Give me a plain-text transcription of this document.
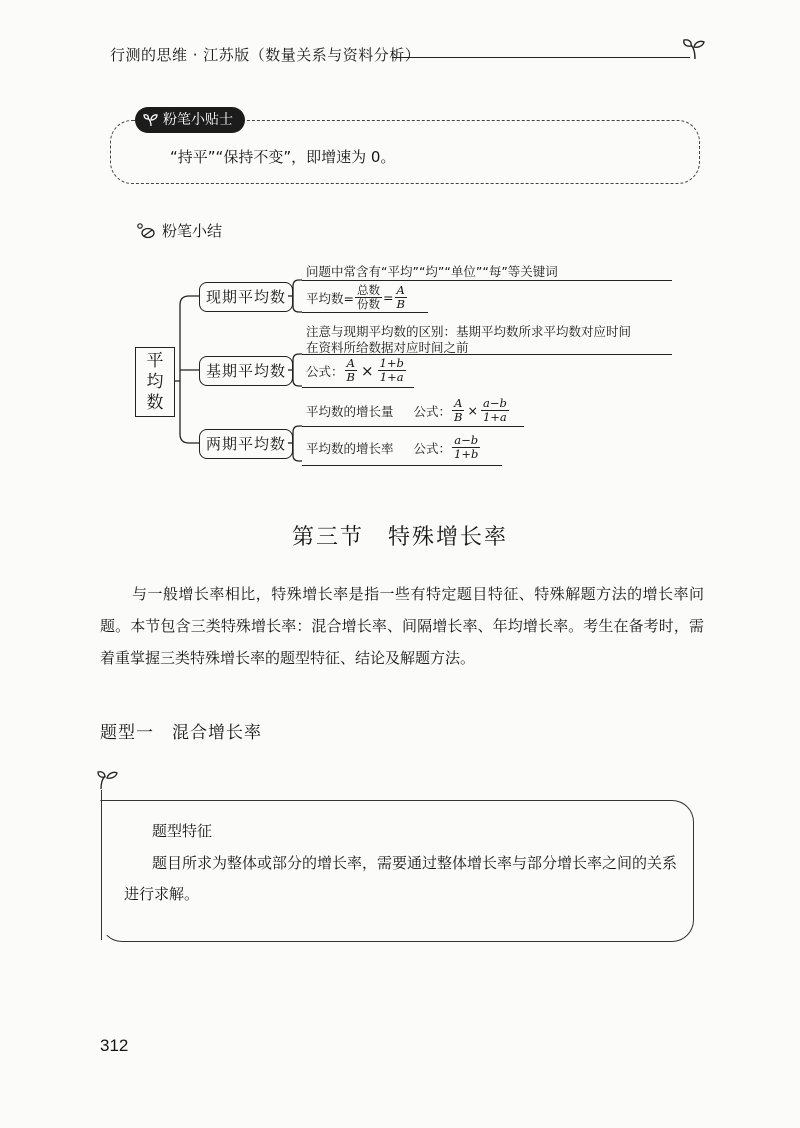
行测的思维 · 江苏版（数量关系与资料分析）
粉笔小贴士
“持平”“保持不变”，即增速为 0。
粉笔小结
平
均
数
现期平均数
问题中常含有“平均”“均”“单位”“每”等关键词
平均数= $\frac{\text{总数}}{\text{份数}} = \frac{A}{B}$
基期平均数
注意与现期平均数的区别：基期平均数所求平均数对应时间
在资料所给数据对应时间之前
公式： $\frac{A}{B} \times \frac{1+b}{1+a}$
两期平均数
平均数的增长量 公式： $\frac{A}{B} \times \frac{a-b}{1+a}$
平均数的增长率 公式： $\frac{a-b}{1+b}$
第三节　特殊增长率

与一般增长率相比，特殊增长率是指一些有特定题目特征、特殊解题方法的增长率问题。本节包含三类特殊增长率：混合增长率、间隔增长率、年均增长率。考生在备考时，需着重掌握三类特殊增长率的题型特征、结论及解题方法。

题型一　混合增长率
题型特征

题目所求为整体或部分的增长率，需要通过整体增长率与部分增长率之间的关系进行求解。

312
